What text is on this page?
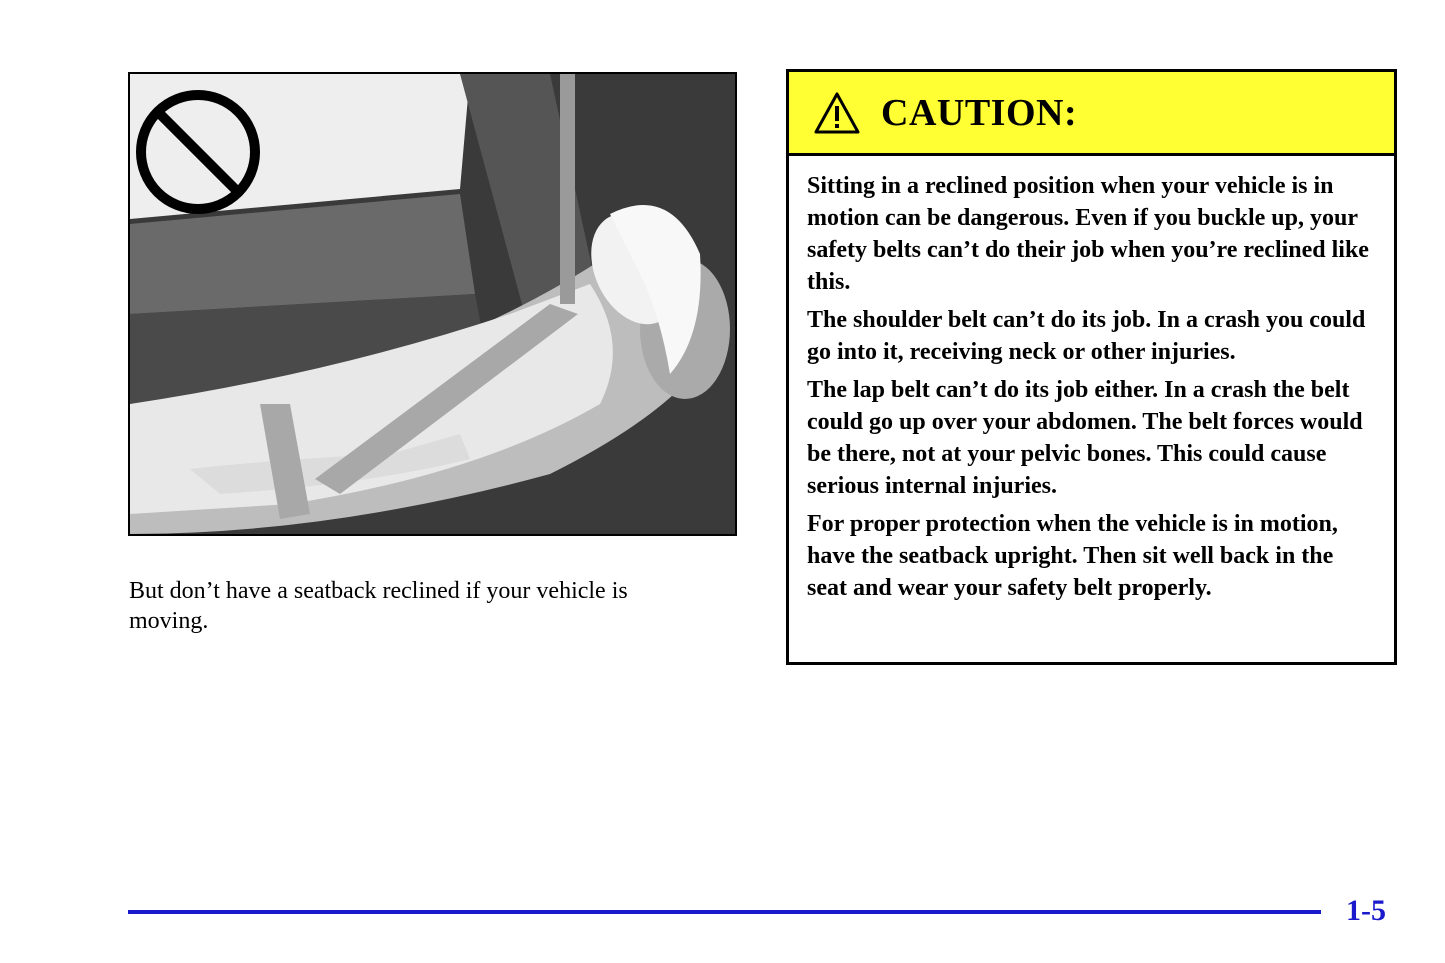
But don’t have a seatback reclined if your vehicle is moving.
CAUTION:

Sitting in a reclined position when your vehicle is in motion can be dangerous. Even if you buckle up, your safety belts can’t do their job when you’re reclined like this.

The shoulder belt can’t do its job. In a crash you could go into it, receiving neck or other injuries.

The lap belt can’t do its job either. In a crash the belt could go up over your abdomen. The belt forces would be there, not at your pelvic bones. This could cause serious internal injuries.

For proper protection when the vehicle is in motion, have the seatback upright. Then sit well back in the seat and wear your safety belt properly.

1-5
